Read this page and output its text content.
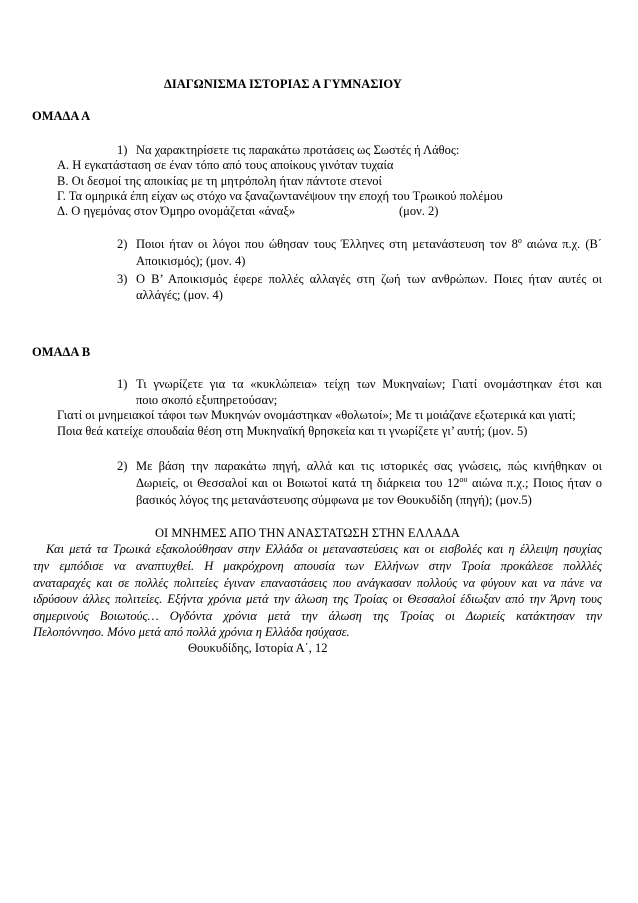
ΔΙΑΓΩΝΙΣΜΑ ΙΣΤΟΡΙΑΣ Α ΓΥΜΝΑΣΙΟΥ
ΟΜΑΔΑ Α
1) Να χαρακτηρίσετε τις παρακάτω προτάσεις ως Σωστές ή Λάθος:
Α. Η εγκατάσταση σε έναν τόπο από τους αποίκους γινόταν τυχαία
Β. Οι δεσμοί της αποικίας με τη μητρόπολη ήταν πάντοτε στενοί
Γ. Τα ομηρικά έπη είχαν ως στόχο να ξαναζωντανέψουν την εποχή του Τρωικού πολέμου
Δ. Ο ηγεμόνας στον Όμηρο ονομάζεται «άναξ»	(μον. 2)
2) Ποιοι ήταν οι λόγοι που ώθησαν τους Έλληνες στη μετανάστευση τον $8^o$ αιώνα π.χ. (Β΄
Αποικισμός); (μον. 4)
3) Ο Β’ Αποικισμός έφερε πολλές αλλαγές στη ζωή των ανθρώπων. Ποιες ήταν αυτές οι
αλλάγές; (μον. 4)
ΟΜΑΔΑ Β
1) Τι γνωρίζετε για τα «κυκλώπεια» τείχη των Μυκηναίων; Γιατί ονομάστηκαν έτσι και
ποιο σκοπό εξυπηρετούσαν;
Γιατί οι μνημειακοί τάφοι των Μυκηνών ονομάστηκαν «θολωτοί»; Με τι μοιάζανε εξωτερικά και γιατί;
Ποια θεά κατείχε σπουδαία θέση στη Μυκηναϊκή θρησκεία και τι γνωρίζετε γι’ αυτή; (μον. 5)
2) Με βάση την παρακάτω πηγή, αλλά και τις ιστορικές σας γνώσεις, πώς κινήθηκαν οι
Δωριείς, οι Θεσσαλοί και οι Βοιωτοί κατά τη διάρκεια του $12^{o\upsilon}$ αιώνα π.χ.; Ποιος ήταν ο
βασικός λόγος της μετανάστευσης σύμφωνα με τον Θουκυδίδη (πηγή); (μον.5)
ΟΙ ΜΝΗΜΕΣ ΑΠΟ ΤΗΝ ΑΝΑΣΤΑΤΩΣΗ ΣΤΗΝ ΕΛΛΑΔΑ
Και μετά τα Τρωικά εξακολούθησαν στην Ελλάδα οι μεταναστεύσεις και οι εισβολές και η έλλειψη ησυχίας
την εμπόδισε να αναπτυχθεί. Η μακρόχρονη απουσία των Ελλήνων στην Τροία προκάλεσε πολλλές
αναταραχές και σε πολλές πολιτείες έγιναν επαναστάσεις που ανάγκασαν πολλούς να φύγουν και να πάνε να
ιδρύσουν άλλες πολιτείες. Εξήντα χρόνια μετά την άλωση της Τροίας οι Θεσσαλοί έδιωξαν από την Άρνη τους
σημερινούς Βοιωτούς… Ογδόντα χρόνια μετά την άλωση της Τροίας οι Δωριείς κατάκτησαν την
Πελοπόννησο. Μόνο μετά από πολλά χρόνια η Ελλάδα ησύχασε.
Θουκυδίδης, Ιστορία Α΄, 12
